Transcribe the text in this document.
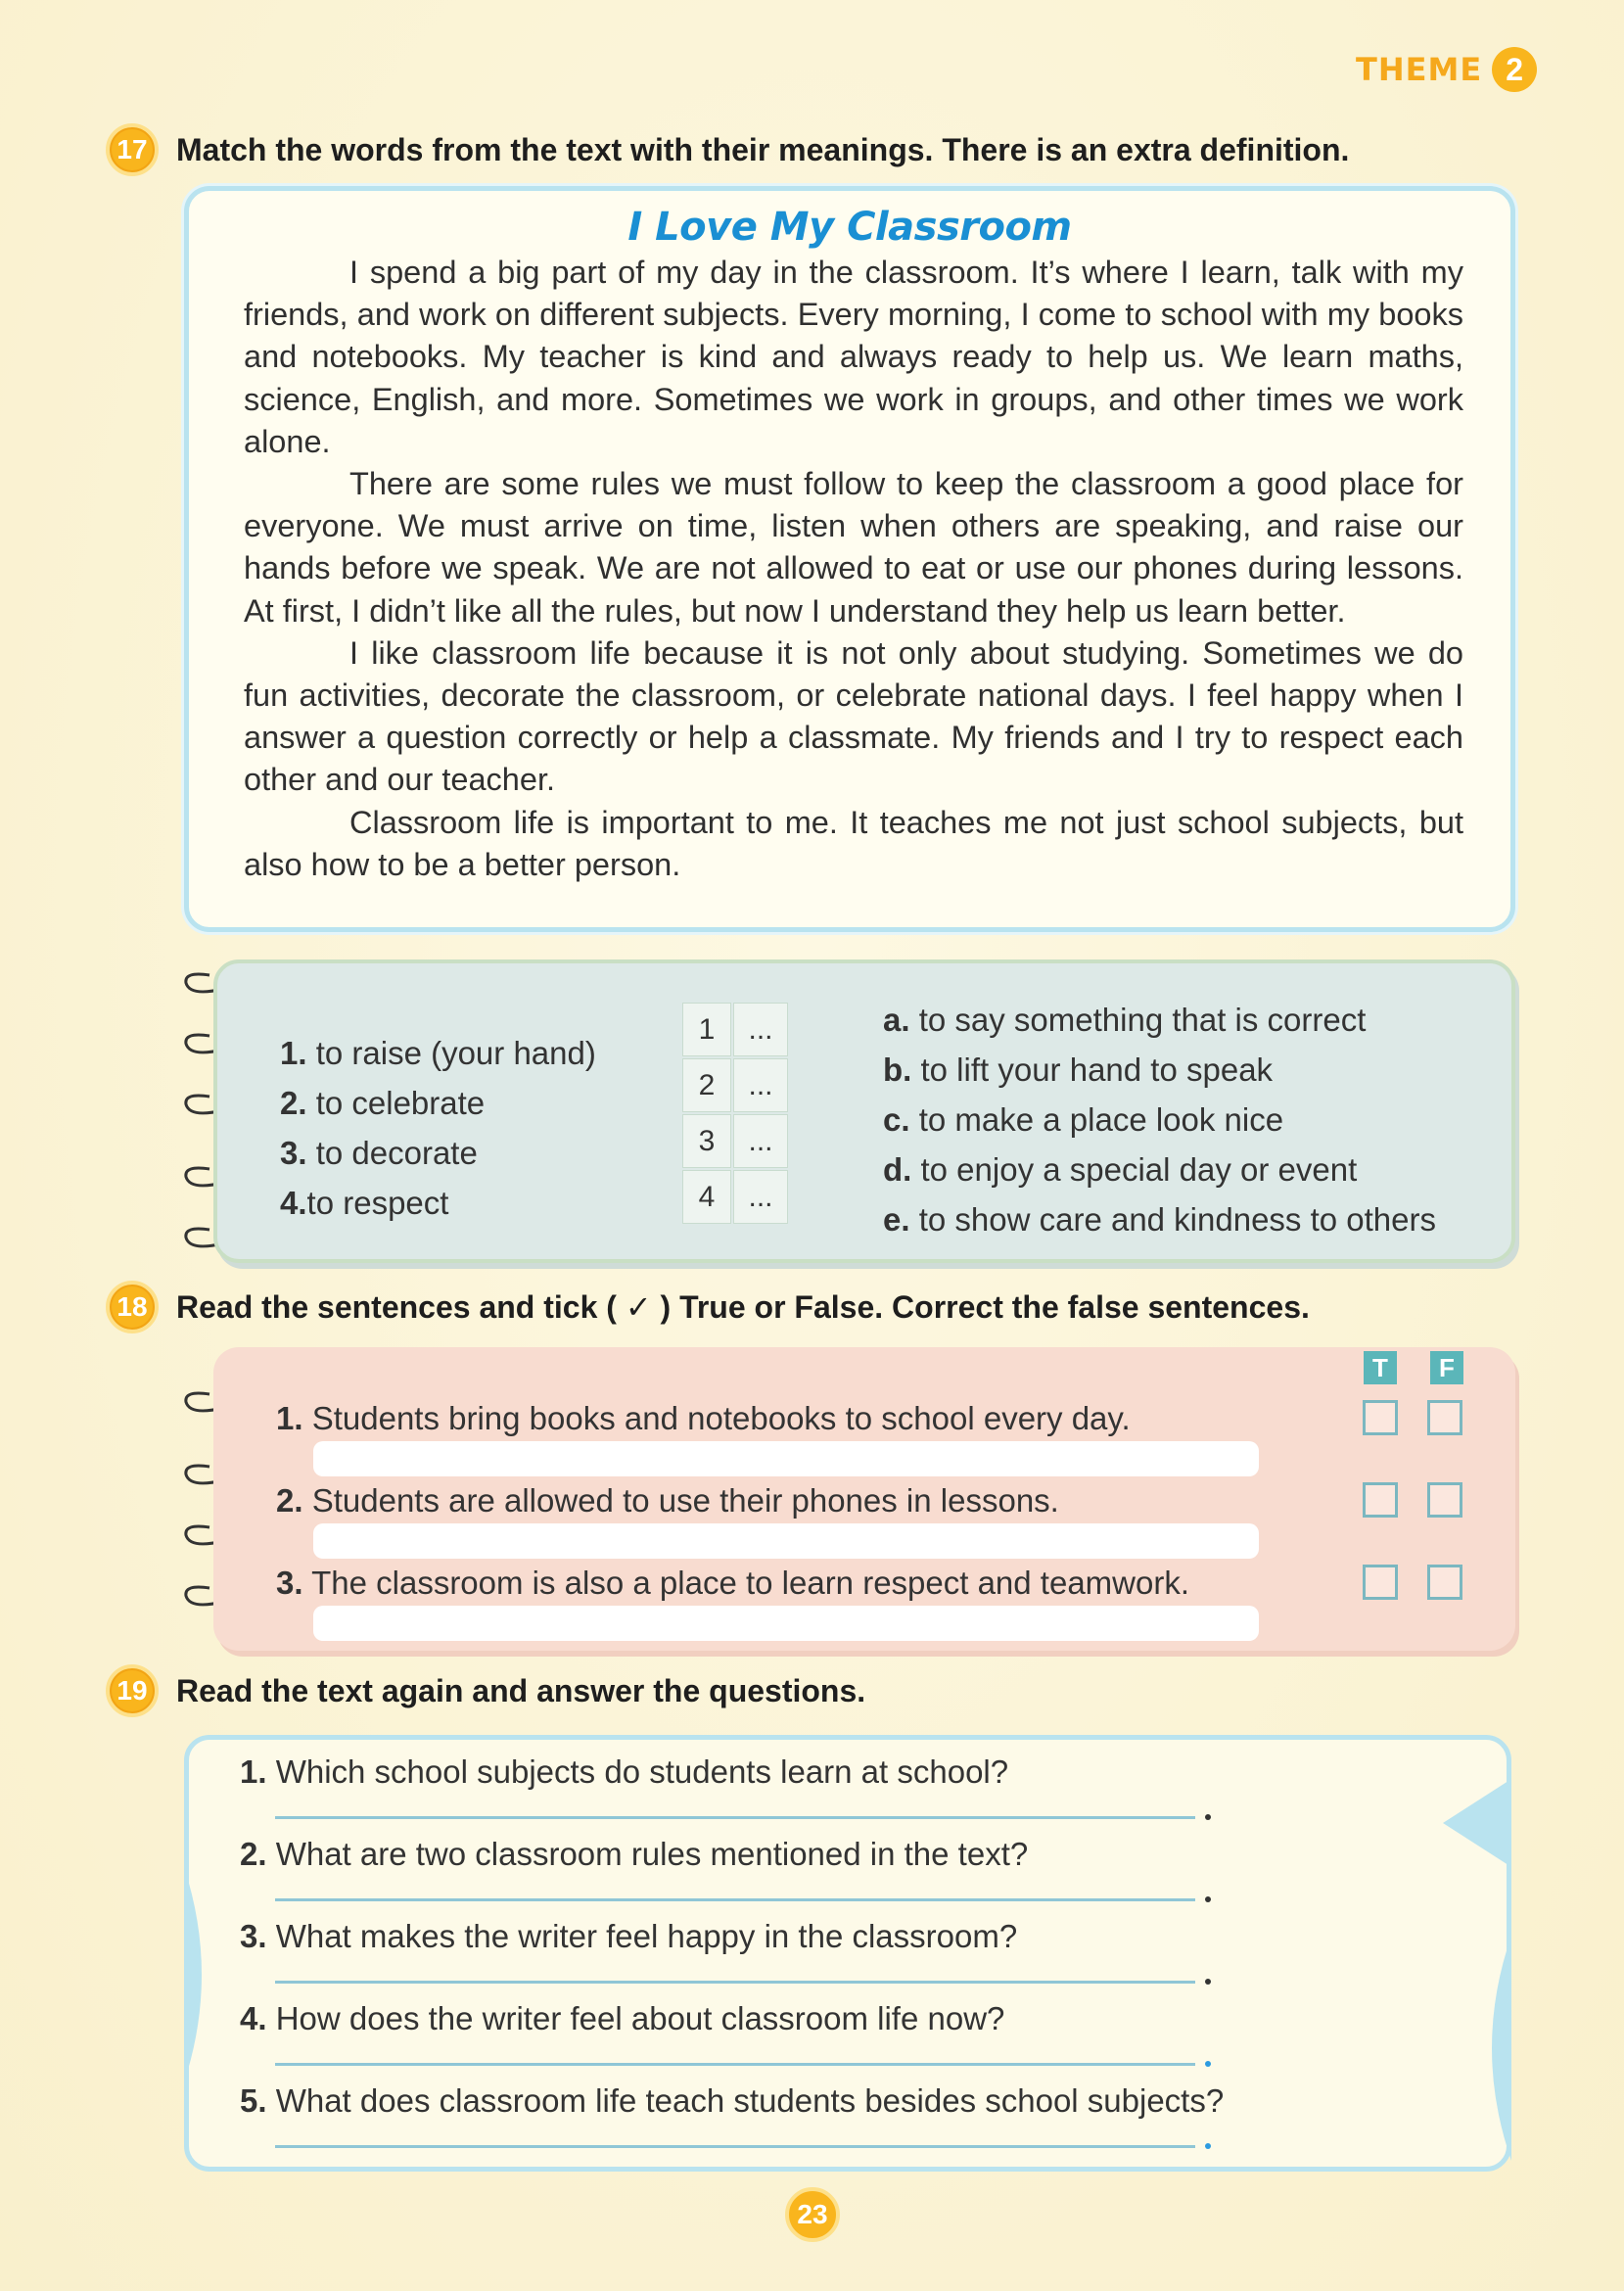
THEME 2
17 Match the words from the text with their meanings. There is an extra definition.
I Love My Classroom

I spend a big part of my day in the classroom. It’s where I learn, talk with my friends, and work on different subjects. Every morning, I come to school with my books and notebooks. My teacher is kind and always ready to help us. We learn maths, science, English, and more. Sometimes we work in groups, and other times we work alone.

There are some rules we must follow to keep the classroom a good place for everyone. We must arrive on time, listen when others are speaking, and raise our hands before we speak. We are not allowed to eat or use our phones during lessons. At first, I didn’t like all the rules, but now I understand they help us learn better.

I like classroom life because it is not only about studying. Sometimes we do fun activities, decorate the classroom, or celebrate national days. I feel happy when I answer a question correctly or help a classmate. My friends and I try to respect each other and our teacher.

Classroom life is important to me. It teaches me not just school subjects, but also how to be a better person.

1. to raise (your hand)
2. to celebrate
3. to decorate
4.to respect
1	...
2	...
3	...
4	...
a. to say something that is correct
b. to lift your hand to speak
c. to make a place look nice
d. to enjoy a special day or event
e. to show care and kindness to others
18 Read the sentences and tick ( ✓ ) True or False. Correct the false sentences.
T	F
1. Students bring books and notebooks to school every day.
2. Students are allowed to use their phones in lessons.
3. The classroom is also a place to learn respect and teamwork.
19 Read the text again and answer the questions.
1. Which school subjects do students learn at school?
2. What are two classroom rules mentioned in the text?
3. What makes the writer feel happy in the classroom?
4. How does the writer feel about classroom life now?
5. What does classroom life teach students besides school subjects?
23
